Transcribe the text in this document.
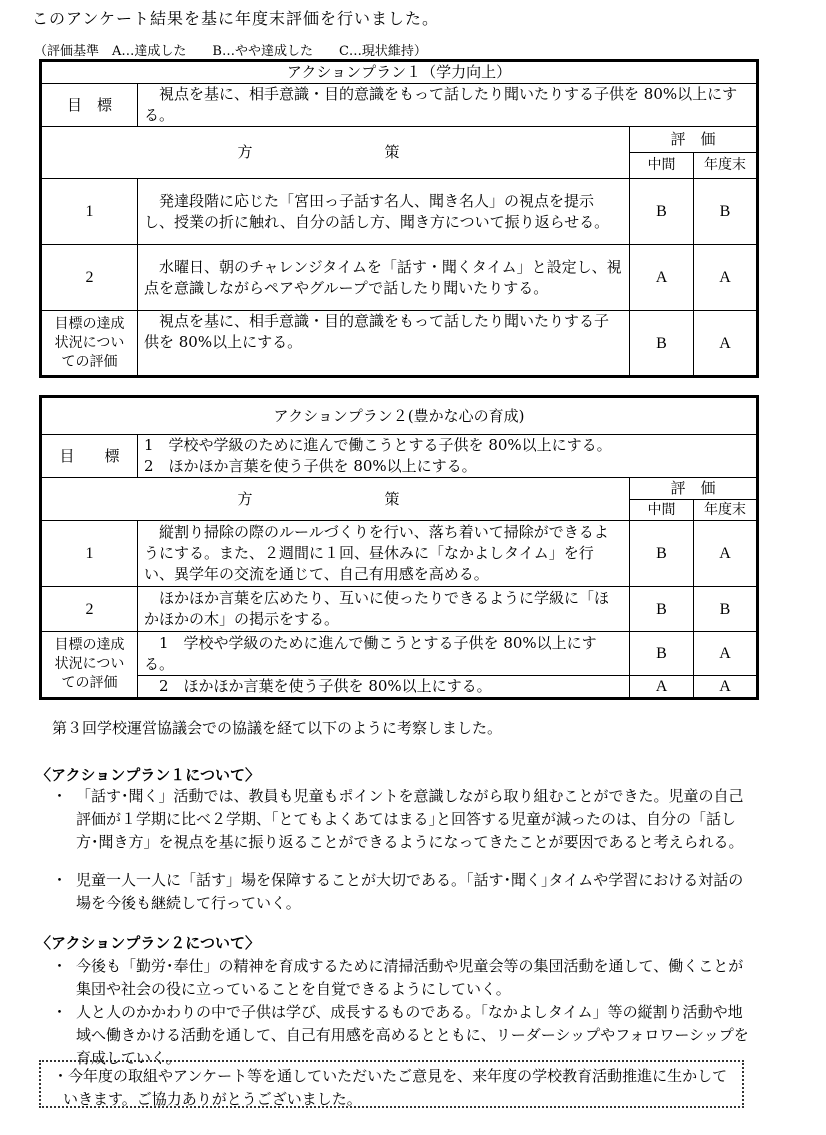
このアンケート結果を基に年度末評価を行いました。
（評価基準　A…達成した　　B…やや達成した　　C…現状維持）
アクションプラン１（学力向上）			
目　標	　視点を基に、相手意識・目的意識をもって話したり聞いたりする子供を 80%以上にする。		
方　　策		評　価	
		中間	年度末
1	　発達段階に応じた「宮田っ子話す名人、聞き名人」の視点を提示し、授業の折に触れ、自分の話し方、聞き方について振り返らせる。	B	B
2	　水曜日、朝のチャレンジタイムを「話す・聞くタイム」と設定し、視点を意識しながらペアやグループで話したり聞いたりする。	A	A
目標の達成状況についての評価	　視点を基に、相手意識・目的意識をもって話したり聞いたりする子供を 80%以上にする。	B	A
アクションプラン２(豊かな心の育成)			
目　　標	1　学校や学級のために進んで働こうとする子供を 80%以上にする。
2　ほかほか言葉を使う子供を 80%以上にする。		

方　　策		評　価	
		中間	年度末
1	　縦割り掃除の際のルールづくりを行い、落ち着いて掃除ができるようにする。また、２週間に１回、昼休みに「なかよしタイム」を行い、異学年の交流を通じて、自己有用感を高める。	B	A
2	　ほかほか言葉を広めたり、互いに使ったりできるように学級に「ほかほかの木」の掲示をする。	B	B
目標の達成状況についての評価	　1　学校や学級のために進んで働こうとする子供を 80%以上にする。	B	A
	　2　ほかほか言葉を使う子供を 80%以上にする。	A	A
第３回学校運営協議会での協議を経て以下のように考察しました。
〈アクションプラン１について〉
・ 「話す･聞く」活動では、教員も児童もポイントを意識しながら取り組むことができた。児童の自己評価が１学期に比べ２学期、｢とてもよくあてはまる｣と回答する児童が減ったのは、自分の「話し方･聞き方」を視点を基に振り返ることができるようになってきたことが要因であると考えられる。
・ 児童一人一人に「話す」場を保障することが大切である。｢話す･聞く｣タイムや学習における対話の場を今後も継続して行っていく。
〈アクションプラン２について〉
・ 今後も「勤労･奉仕」の精神を育成するために清掃活動や児童会等の集団活動を通して、働くことが集団や社会の役に立っていることを自覚できるようにしていく。
・ 人と人のかかわりの中で子供は学び、成長するものである。「なかよしタイム」等の縦割り活動や地域へ働きかける活動を通して、自己有用感を高めるとともに、リーダーシップやフォロワーシップを育成していく。
・今年度の取組やアンケート等を通していただいたご意見を、来年度の学校教育活動推進に生かしていきます。ご協力ありがとうございました。
